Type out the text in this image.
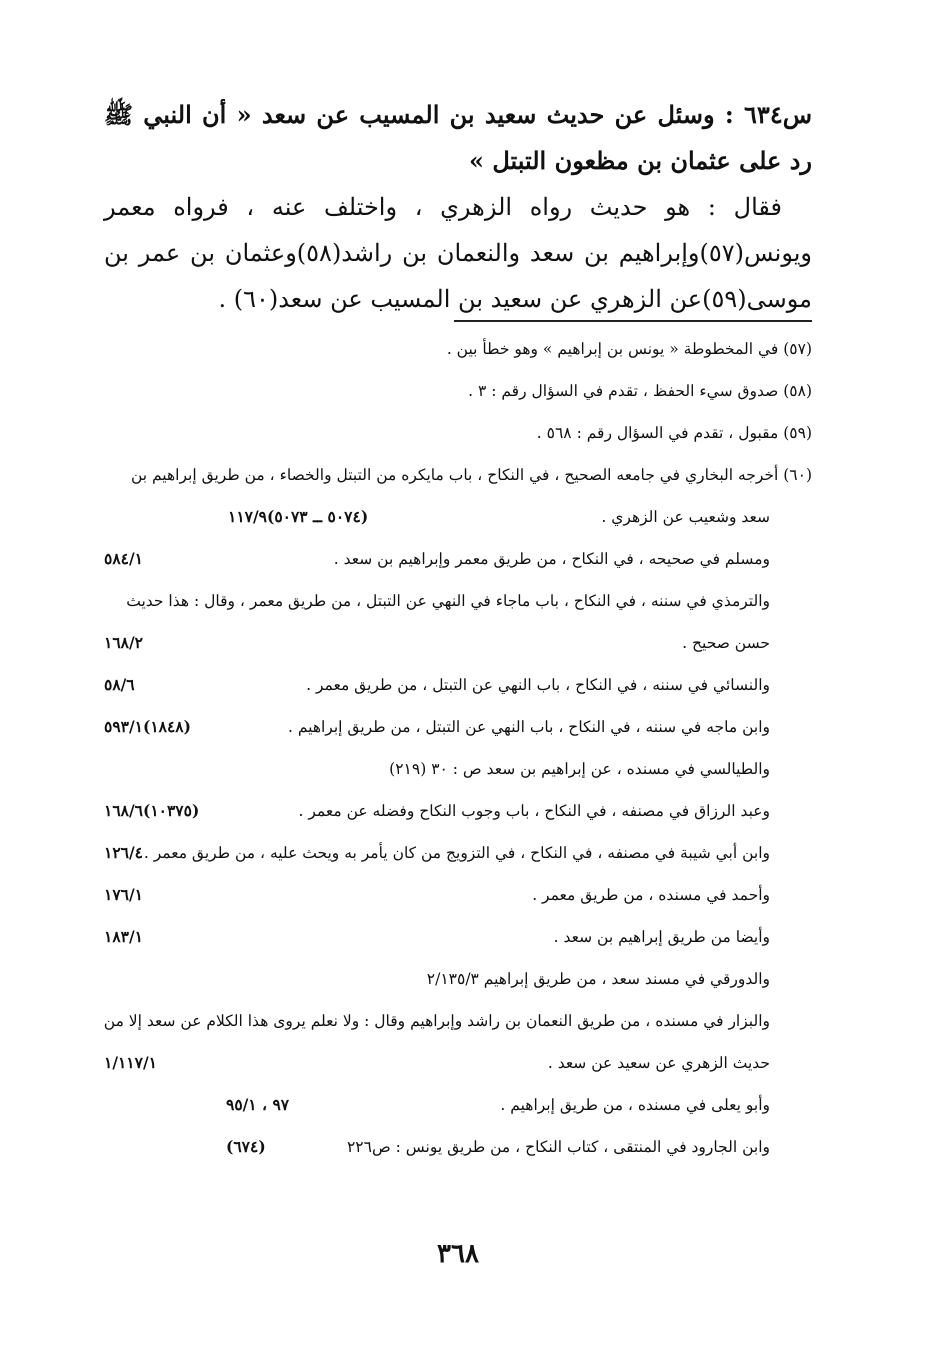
س٦٣٤ : وسئل عن حديث سعيد بن المسيب عن سعد « أن النبي ﷺ رد على عثمان بن مظعون التبتل »

فقال : هو حديث رواه الزهري ، واختلف عنه ، فرواه معمر ويونس(٥٧)وإبراهيم بن سعد والنعمان بن راشد(٥٨)وعثمان بن عمر بن موسى(٥٩)عن الزهري عن سعيد بن المسيب عن سعد(٦٠) .

(٥٧) في المخطوطة « يونس بن إبراهيم » وهو خطأ بين .
(٥٨) صدوق سيء الحفظ ، تقدم في السؤال رقم : ٣ .
(٥٩) مقبول ، تقدم في السؤال رقم : ٥٦٨ .
(٦٠) أخرجه البخاري في جامعه الصحيح ، في النكاح ، باب مايكره من التبتل والخصاء ، من طريق إبراهيم بن
سعد وشعيب عن الزهري .
(٥٠٧٤ ــ ٥٠٧٣)١١٧/٩
ومسلم في صحيحه ، في النكاح ، من طريق معمر وإبراهيم بن سعد .
٥٨٤/١
والترمذي في سننه ، في النكاح ، باب ماجاء في النهي عن التبتل ، من طريق معمر ، وقال : هذا حديث
حسن صحيح .
١٦٨/٢
والنسائي في سننه ، في النكاح ، باب النهي عن التبتل ، من طريق معمر .
٥٨/٦
وابن ماجه في سننه ، في النكاح ، باب النهي عن التبتل ، من طريق إبراهيم .
(١٨٤٨)٥٩٣/١
والطيالسي في مسنده ، عن إبراهيم بن سعد ص : ٣٠ (٢١٩)
وعبد الرزاق في مصنفه ، في النكاح ، باب وجوب النكاح وفضله عن معمر .
(١٠٣٧٥)١٦٨/٦
وابن أبي شيبة في مصنفه ، في النكاح ، في التزويج من كان يأمر به ويحث عليه ، من طريق معمر .
١٢٦/٤
وأحمد في مسنده ، من طريق معمر .
١٧٦/١
وأيضا من طريق إبراهيم بن سعد .
١٨٣/١
والدورقي في مسند سعد ، من طريق إبراهيم ٢/١٣٥/٣
والبزار في مسنده ، من طريق النعمان بن راشد وإبراهيم وقال : ولا نعلم يروى هذا الكلام عن سعد إلا من
حديث الزهري عن سعيد عن سعد .
١/١١٧/١
وأبو يعلى في مسنده ، من طريق إبراهيم .
٩٧ ، ٩٥/١
وابن الجارود في المنتقى ، كتاب النكاح ، من طريق يونس : ص٢٢٦
(٦٧٤)
٣٦٨
